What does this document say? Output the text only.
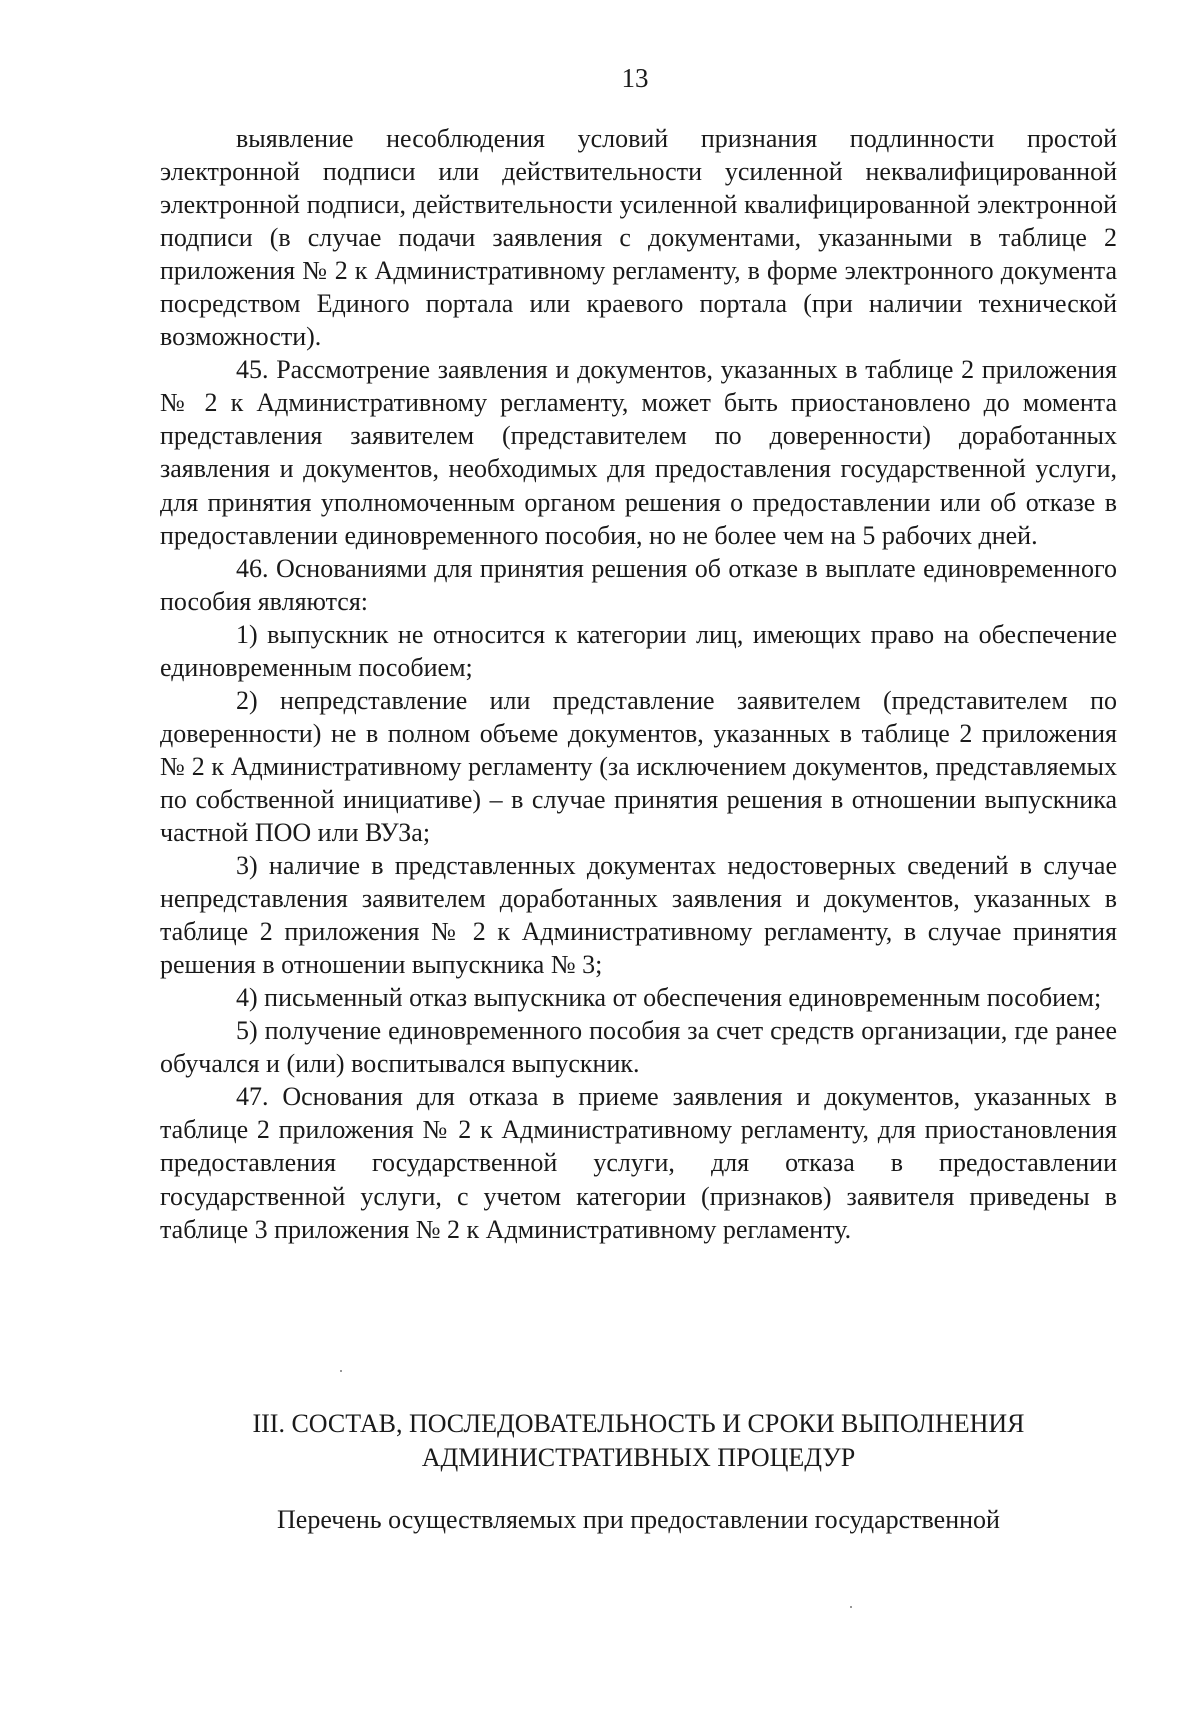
13

выявление несоблюдения условий признания подлинности простой электронной подписи или действительности усиленной неквалифицированной электронной подписи, действительности усиленной квалифицированной электронной подписи (в случае подачи заявления с документами, указанными в таблице 2 приложения № 2 к Административному регламенту, в форме электронного документа посредством Единого портала или краевого портала (при наличии технической возможности).

45. Рассмотрение заявления и документов, указанных в таблице 2 приложения № 2 к Административному регламенту, может быть приостановлено до момента представления заявителем (представителем по доверенности) доработанных заявления и документов, необходимых для предоставления государственной услуги, для принятия уполномоченным органом решения о предоставлении или об отказе в предоставлении единовременного пособия, но не более чем на 5 рабочих дней.

46. Основаниями для принятия решения об отказе в выплате единовременного пособия являются:

1) выпускник не относится к категории лиц, имеющих право на обеспечение единовременным пособием;

2) непредставление или представление заявителем (представителем по доверенности) не в полном объеме документов, указанных в таблице 2 приложения № 2 к Административному регламенту (за исключением документов, представляемых по собственной инициативе) – в случае принятия решения в отношении выпускника частной ПОО или ВУЗа;

3) наличие в представленных документах недостоверных сведений в случае непредставления заявителем доработанных заявления и документов, указанных в таблице 2 приложения № 2 к Административному регламенту, в случае принятия решения в отношении выпускника № 3;

4) письменный отказ выпускника от обеспечения единовременным пособием;

5) получение единовременного пособия за счет средств организации, где ранее обучался и (или) воспитывался выпускник.

47. Основания для отказа в приеме заявления и документов, указанных в таблице 2 приложения № 2 к Административному регламенту, для приостановления предоставления государственной услуги, для отказа в предоставлении государственной услуги, с учетом категории (признаков) заявителя приведены в таблице 3 приложения № 2 к Административному регламенту.

III. СОСТАВ, ПОСЛЕДОВАТЕЛЬНОСТЬ И СРОКИ ВЫПОЛНЕНИЯ
АДМИНИСТРАТИВНЫХ ПРОЦЕДУР
Перечень осуществляемых при предоставлении государственной
